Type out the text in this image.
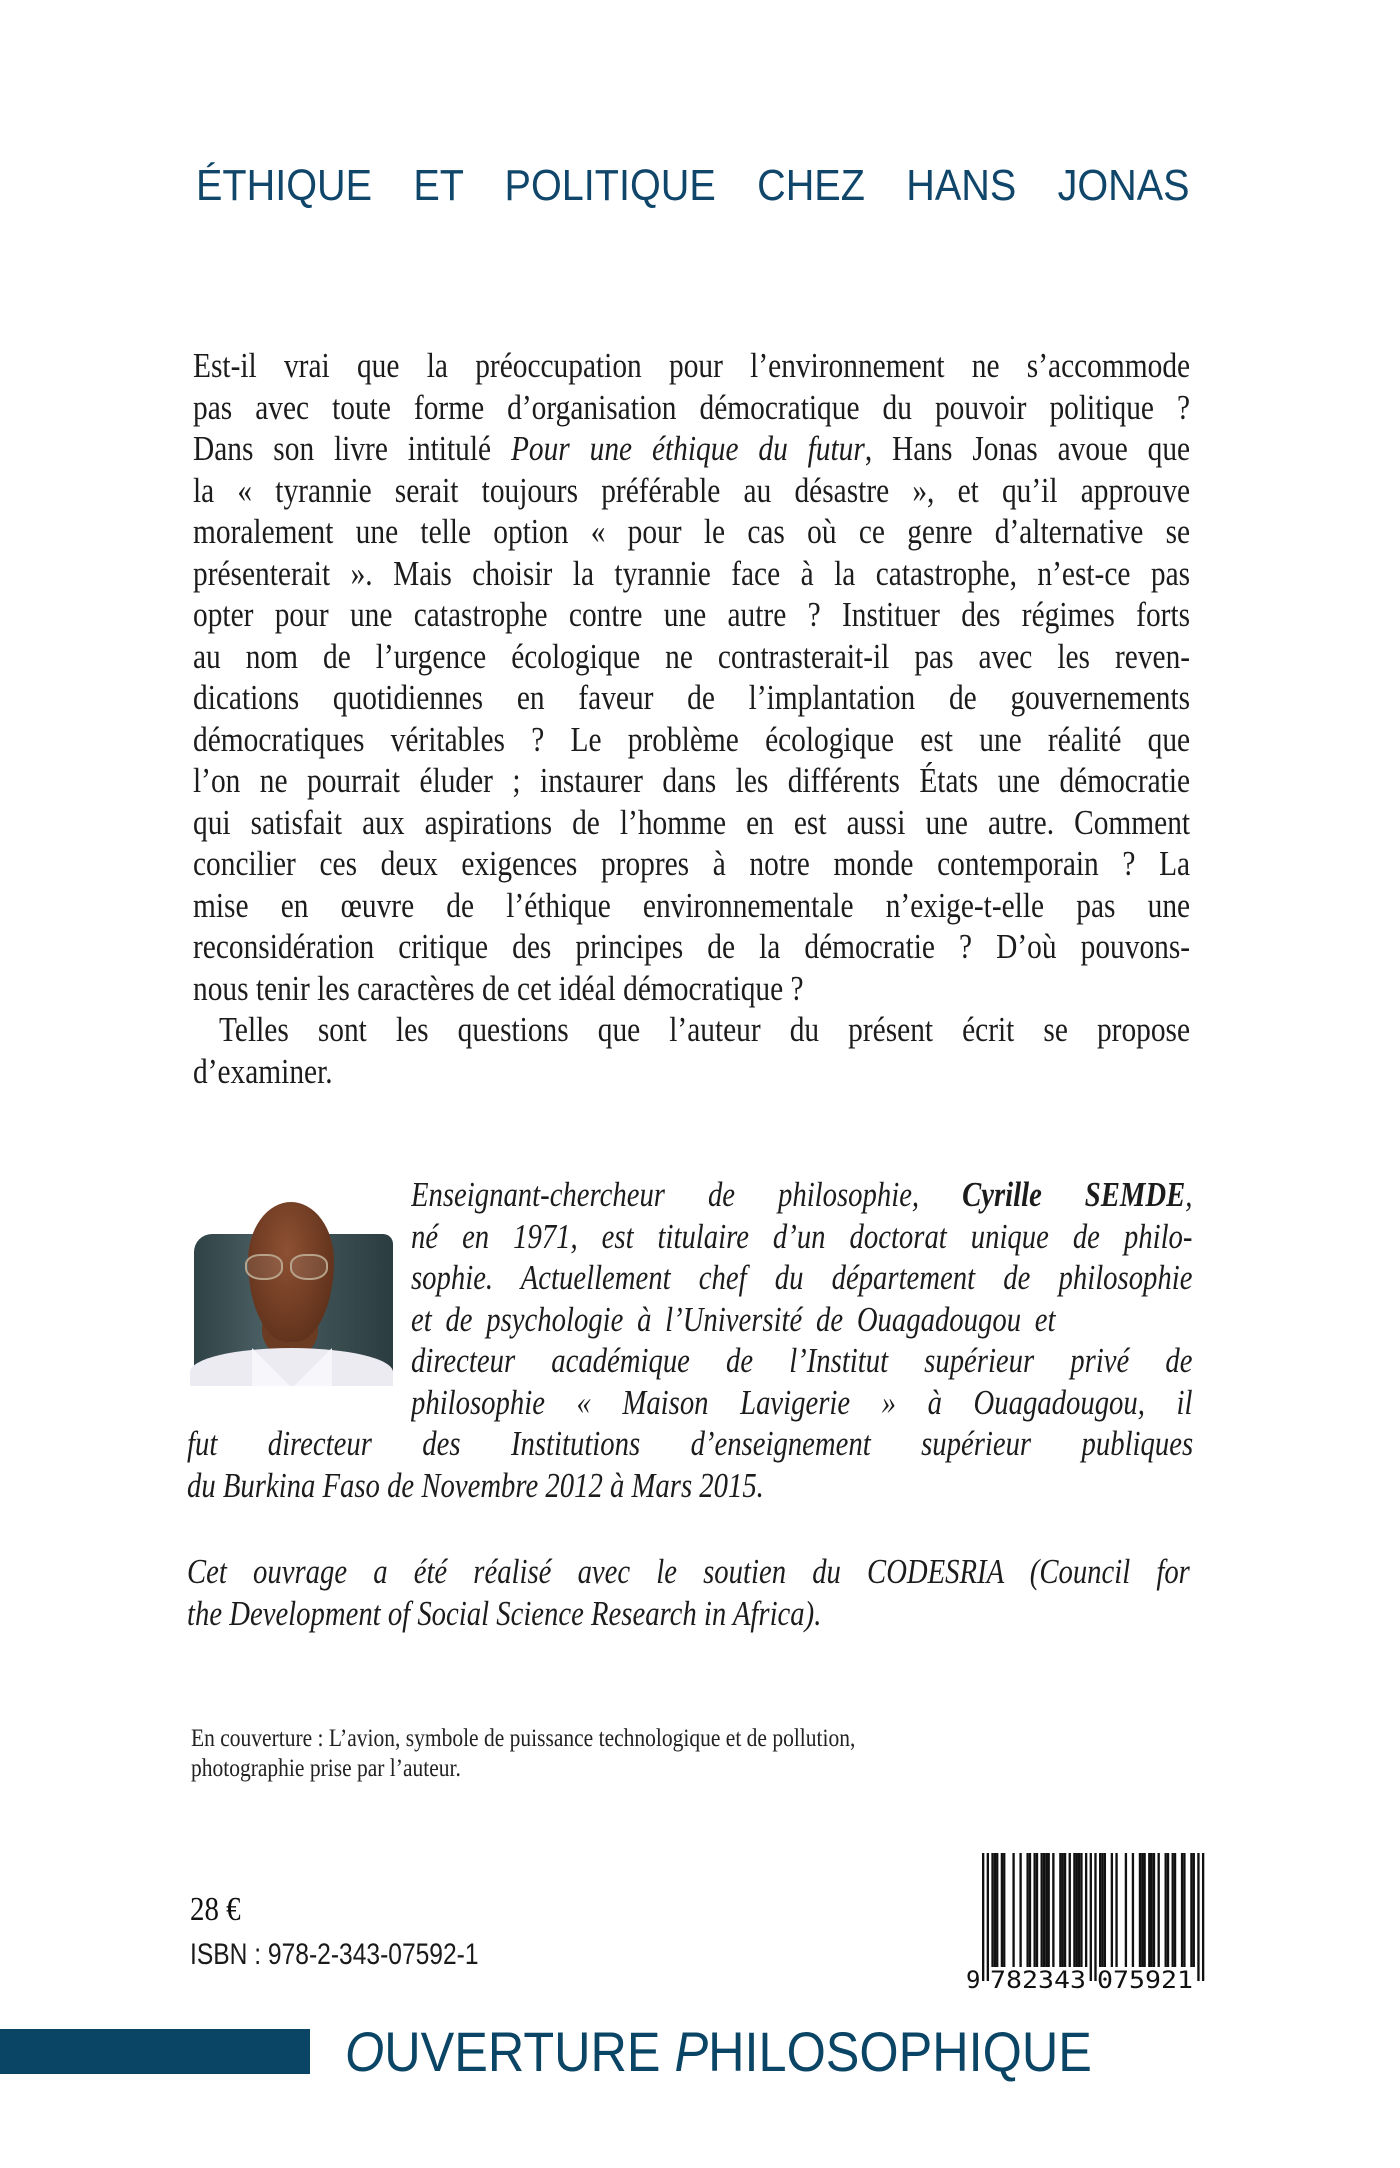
ÉTHIQUE ET POLITIQUE CHEZ HANS JONAS
Est-il vrai que la préoccupation pour l’environnement ne s’accommode
pas avec toute forme d’organisation démocratique du pouvoir politique ?
Dans son livre intitulé Pour une éthique du futur, Hans Jonas avoue que
la « tyrannie serait toujours préférable au désastre », et qu’il approuve
moralement une telle option « pour le cas où ce genre d’alternative se
présenterait ». Mais choisir la tyrannie face à la catastrophe, n’est-ce pas
opter pour une catastrophe contre une autre ? Instituer des régimes forts
au nom de l’urgence écologique ne contrasterait-il pas avec les reven-
dications quotidiennes en faveur de l’implantation de gouvernements
démocratiques véritables ? Le problème écologique est une réalité que
l’on ne pourrait éluder ; instaurer dans les différents États une démocratie
qui satisfait aux aspirations de l’homme en est aussi une autre. Comment
concilier ces deux exigences propres à notre monde contemporain ? La
mise en œuvre de l’éthique environnementale n’exige-t-elle pas une
reconsidération critique des principes de la démocratie ? D’où pouvons-
nous tenir les caractères de cet idéal démocratique ?
Telles sont les questions que l’auteur du présent écrit se propose
d’examiner.
Enseignant-chercheur de philosophie, Cyrille SEMDE,
né en 1971, est titulaire d’un doctorat unique de philo-
sophie. Actuellement chef du département de philosophie
et de psychologie à l’Université de Ouagadougou et
directeur académique de l’Institut supérieur privé de
philosophie « Maison Lavigerie » à Ouagadougou, il
fut directeur des Institutions d’enseignement supérieur publiques
du Burkina Faso de Novembre 2012 à Mars 2015.
Cet ouvrage a été réalisé avec le soutien du CODESRIA (Council for
the Development of Social Science Research in Africa).
En couverture : L’avion, symbole de puissance technologique et de pollution,
photographie prise par l’auteur.
28 €
ISBN : 978-2-343-07592-1
9 782343 075921
OUVERTURE PHILOSOPHIQUE
